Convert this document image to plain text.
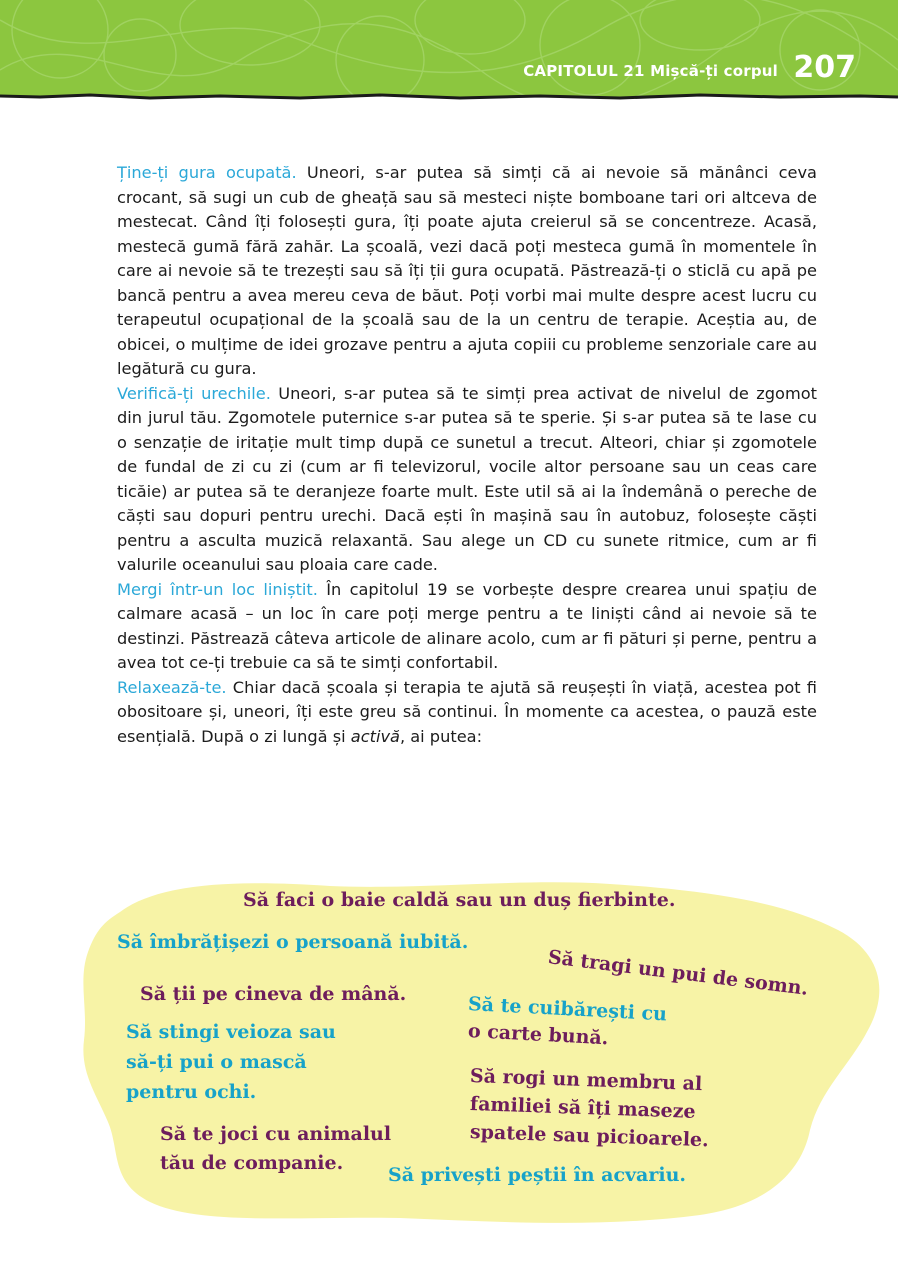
CAPITOLUL 21 Mișcă-ți corpul 207

Ține-ți gura ocupată. Uneori, s-ar putea să simți că ai nevoie să mănânci ceva crocant, să sugi un cub de gheață sau să mesteci niște bomboane tari ori altceva de mestecat. Când îți folosești gura, îți poate ajuta creierul să se concentreze. Acasă, mestecă gumă fără zahăr. La școală, vezi dacă poți mesteca gumă în momentele în care ai nevoie să te trezești sau să îți ții gura ocupată. Păstrează-ți o sticlă cu apă pe bancă pentru a avea mereu ceva de băut. Poți vorbi mai multe despre acest lucru cu terapeutul ocupațional de la școală sau de la un centru de terapie. Aceștia au, de obicei, o mulțime de idei grozave pentru a ajuta copiii cu probleme senzoriale care au legătură cu gura.

Verifică-ți urechile. Uneori, s-ar putea să te simți prea activat de nivelul de zgomot din jurul tău. Zgomotele puternice s-ar putea să te sperie. Și s-ar putea să te lase cu o senzație de iritație mult timp după ce sunetul a trecut. Alteori, chiar și zgomotele de fundal de zi cu zi (cum ar fi televizorul, vocile altor persoane sau un ceas care ticăie) ar putea să te deranjeze foarte mult. Este util să ai la îndemână o pereche de căști sau dopuri pentru urechi. Dacă ești în mașină sau în autobuz, folosește căști pentru a asculta muzică relaxantă. Sau alege un CD cu sunete ritmice, cum ar fi valurile oceanului sau ploaia care cade.

Mergi într-un loc liniștit. În capitolul 19 se vorbește despre crearea unui spațiu de calmare acasă – un loc în care poți merge pentru a te liniști când ai nevoie să te destinzi. Păstrează câteva articole de alinare acolo, cum ar fi pături și perne, pentru a avea tot ce-ți trebuie ca să te simți confortabil.

Relaxează-te. Chiar dacă școala și terapia te ajută să reușești în viață, acestea pot fi obositoare și, uneori, îți este greu să continui. În momente ca acestea, o pauză este esențială. După o zi lungă și activă, ai putea:

Să faci o baie caldă sau un duș fierbinte.
Să îmbrățișezi o persoană iubită.
Să tragi un pui de somn.
Să ții pe cineva de mână.	Să te cuibărești cu
o carte bună.
Să stingi veioza sau
să-ți pui o mască
pentru ochi.	Să rogi un membru al
familiei să îți maseze
spatele sau picioarele.
Să te joci cu animalul
tău de companie.
Să privești peștii în acvariu.
